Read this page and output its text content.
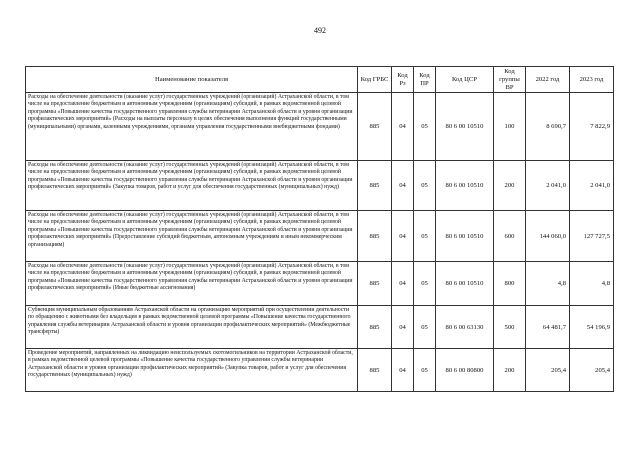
492
Наименование показателя	Код ГРБС	Код Рз	Код ПР	Код ЦСР	Код группы ВР	2022 год	2023 год
Расходы на обеспечение деятельности (оказание услуг) государственных учреждений (организаций) Астраханской области, в том числе на предоставление бюджетным и автономным учреждениям (организациям) субсидий, в рамках ведомственной целевой программы «Повышение качества государственного управления службы ветеринарии Астраханской области и уровня организации профилактических мероприятий» (Расходы на выплаты персоналу в целях обеспечения выполнения функций государственными (муниципальными) органами, казенными учреждениями, органами управления государственными внебюджетными фондами)	885	04	05	80 6 00 10510	100	8 690,7	7 822,9
Расходы на обеспечение деятельности (оказание услуг) государственных учреждений (организаций) Астраханской области, в том числе на предоставление бюджетным и автономным учреждениям (организациям) субсидий, в рамках ведомственной целевой программы «Повышение качества государственного управления службы ветеринарии Астраханской области и уровня организации профилактических мероприятий» (Закупка товаров, работ и услуг для обеспечения государственных (муниципальных) нужд)	885	04	05	80 6 00 10510	200	2 041,0	2 041,0
Расходы на обеспечение деятельности (оказание услуг) государственных учреждений (организаций) Астраханской области, в том числе на предоставление бюджетным и автономным учреждениям (организациям) субсидий, в рамках ведомственной целевой программы «Повышение качества государственного управления службы ветеринарии Астраханской области и уровня организации профилактических мероприятий» (Предоставление субсидий бюджетным, автономным учреждениям и иным некоммерческим организациям)	885	04	05	80 6 00 10510	600	144 060,0	127 727,5
Расходы на обеспечение деятельности (оказание услуг) государственных учреждений (организаций) Астраханской области, в том числе на предоставление бюджетным и автономным учреждениям (организациям) субсидий, в рамках ведомственной целевой программы «Повышение качества государственного управления службы ветеринарии Астраханской области и уровня организации профилактических мероприятий» (Иные бюджетные ассигнования)	885	04	05	80 6 00 10510	800	4,8	4,8
Субвенция муниципальным образованиям Астраханской области на организацию мероприятий при осуществлении деятельности по обращению с животными без владельцев в рамках ведомственной целевой программы «Повышение качества государственного управления службы ветеринарии Астраханской области и уровня организации профилактических мероприятий» (Межбюджетные трансферты)	885	04	05	80 6 00 63130	500	64 481,7	54 196,9
Проведение мероприятий, направленных на ликвидацию неиспользуемых скотомогильников на территории Астраханской области, в рамках ведомственной целевой программы «Повышение качества государственного управления службы ветеринарии Астраханской области и уровня организации профилактических мероприятий» (Закупка товаров, работ и услуг для обеспечения государственных (муниципальных) нужд)	885	04	05	80 6 00 80800	200	205,4	205,4
